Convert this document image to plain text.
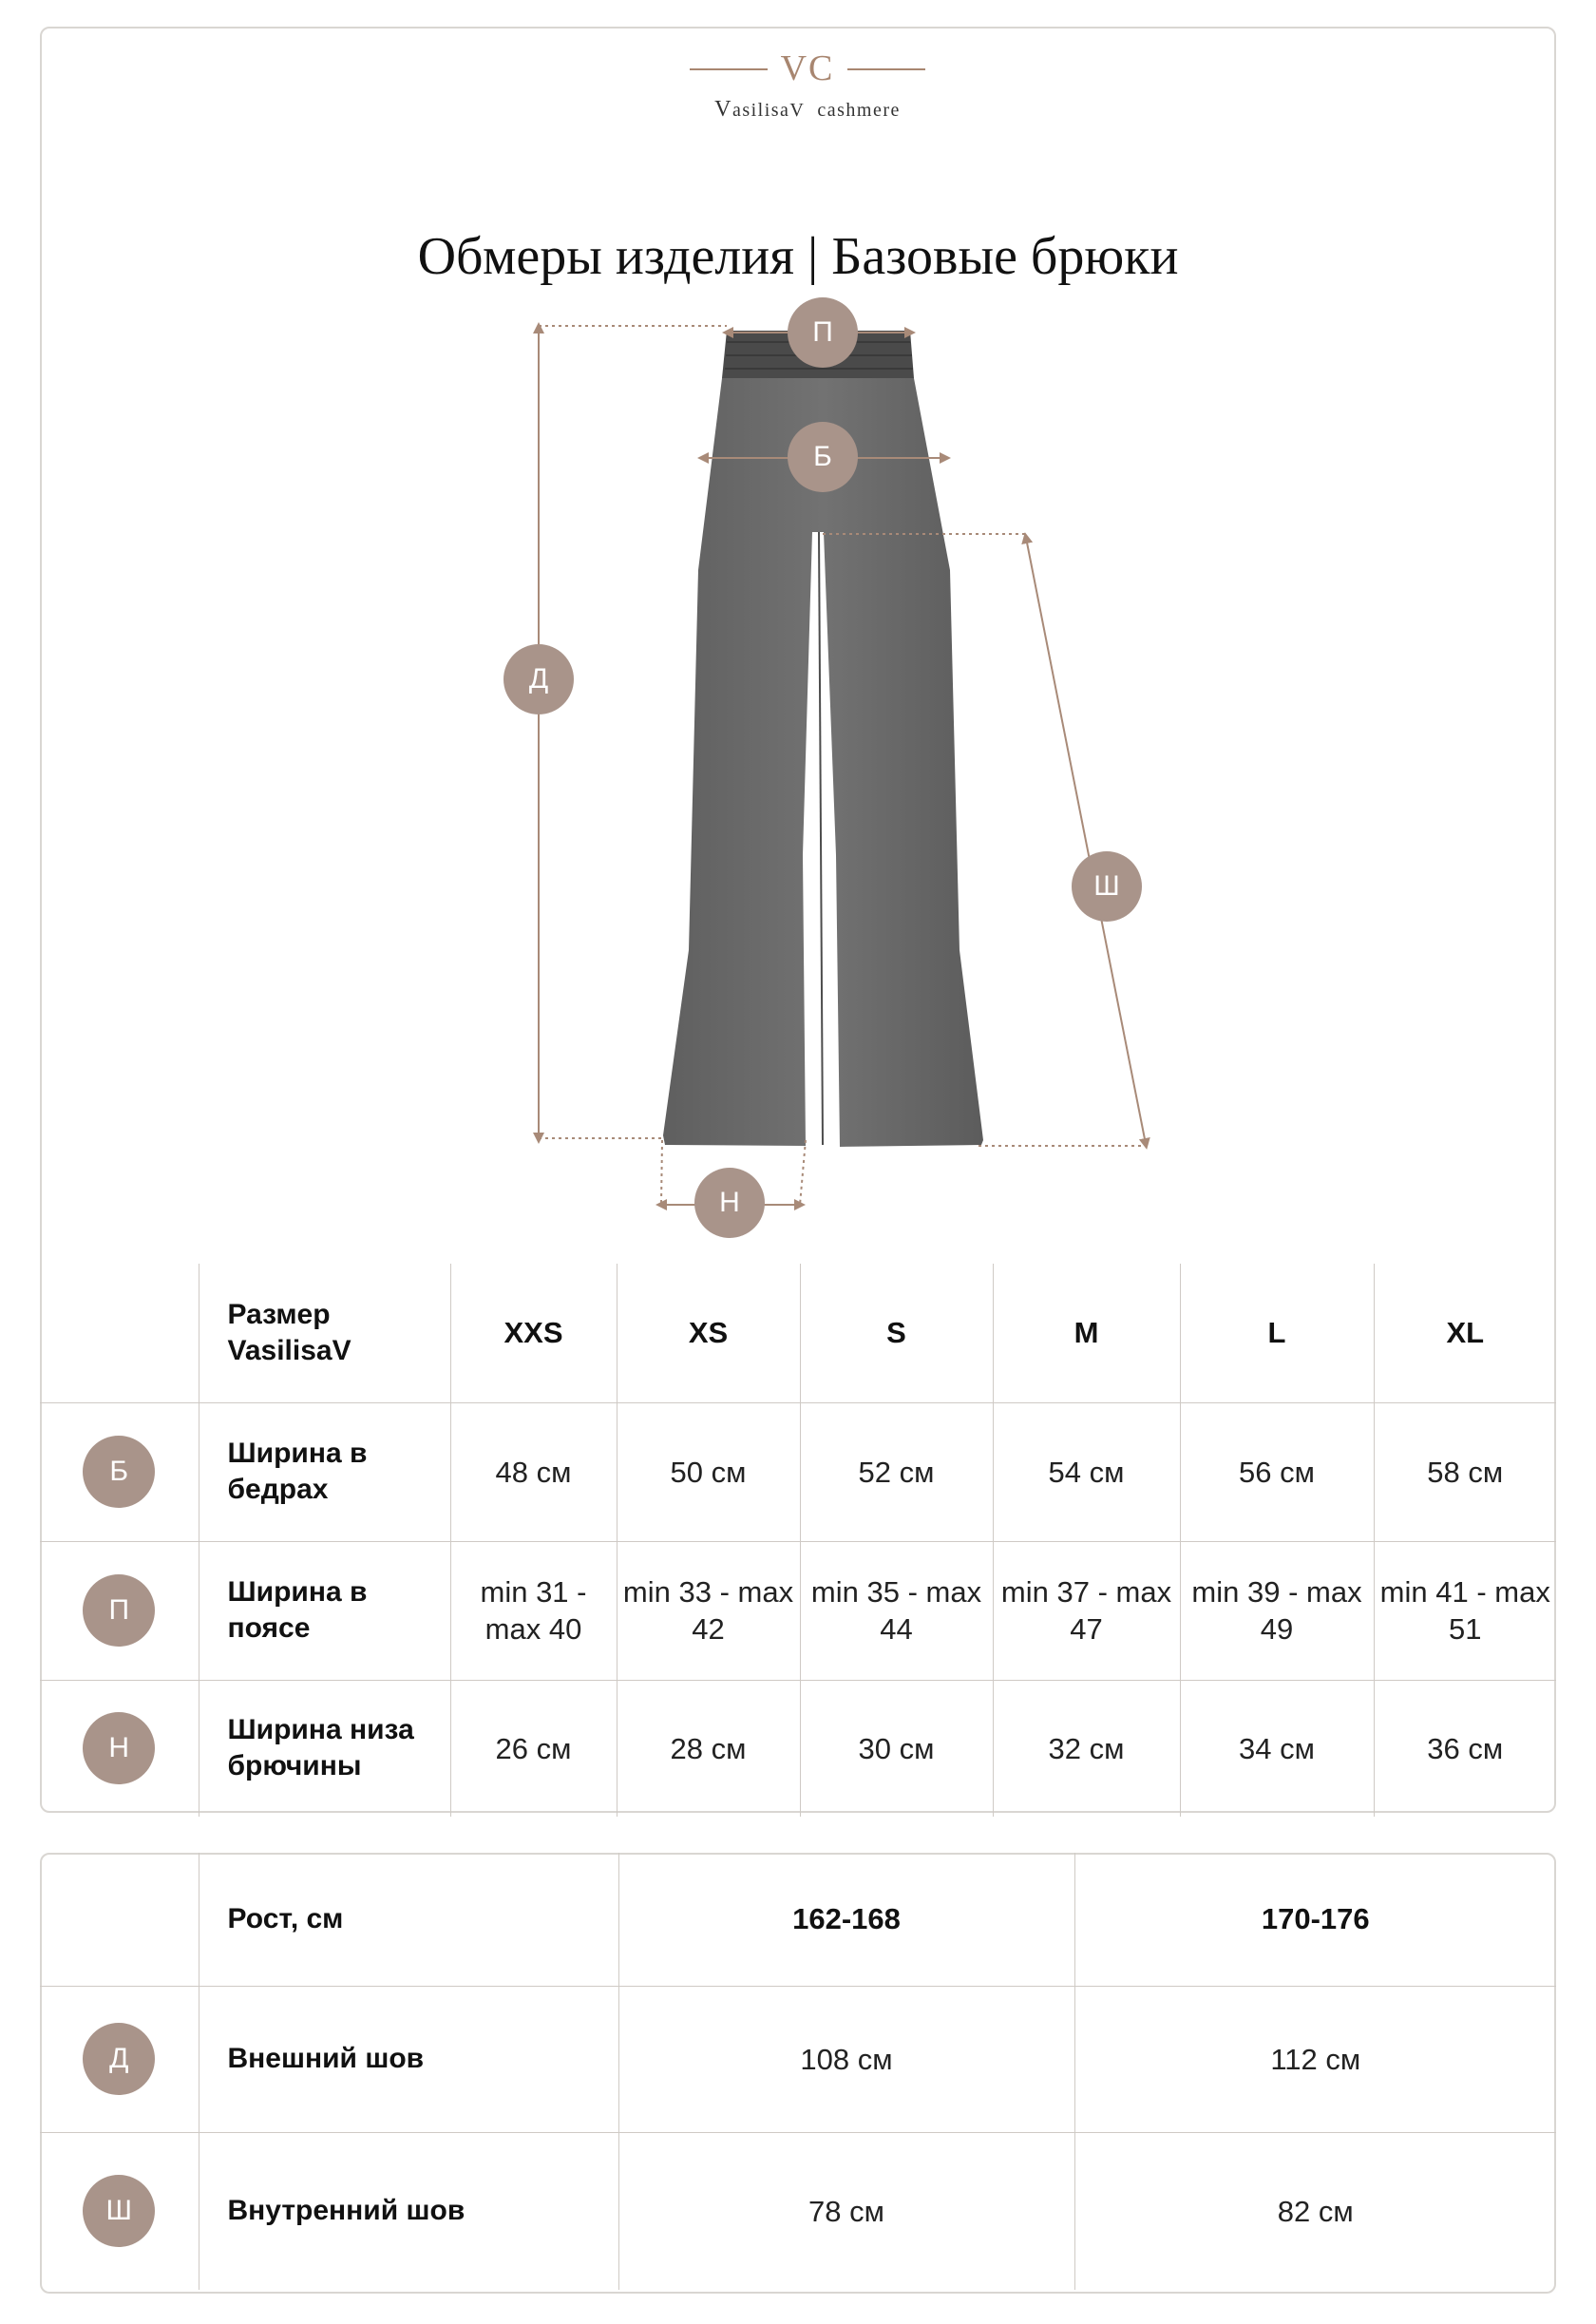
VC
VasilisaV cashmere
Обмеры изделия | Базовые брюки
П
Б
Д
Ш
Н
	Размер VasilisaV	XXS	XS	S	M	L	XL

Б	Ширина в бедрах	48 см	50 см	52 см	54 см	56 см	58 см

П	Ширина в поясе	min 31 - max 40	min 33 - max 42	min 35 - max 44	min 37 - max 47	min 39 - max 49	min 41 - max 51

Н	Ширина низа брючины	26 см	28 см	30 см	32 см	34 см	36 см
	Рост, см	162-168	170-176

Д	Внешний шов	108 см	112 см

Ш	Внутренний шов	78 см	82 см
